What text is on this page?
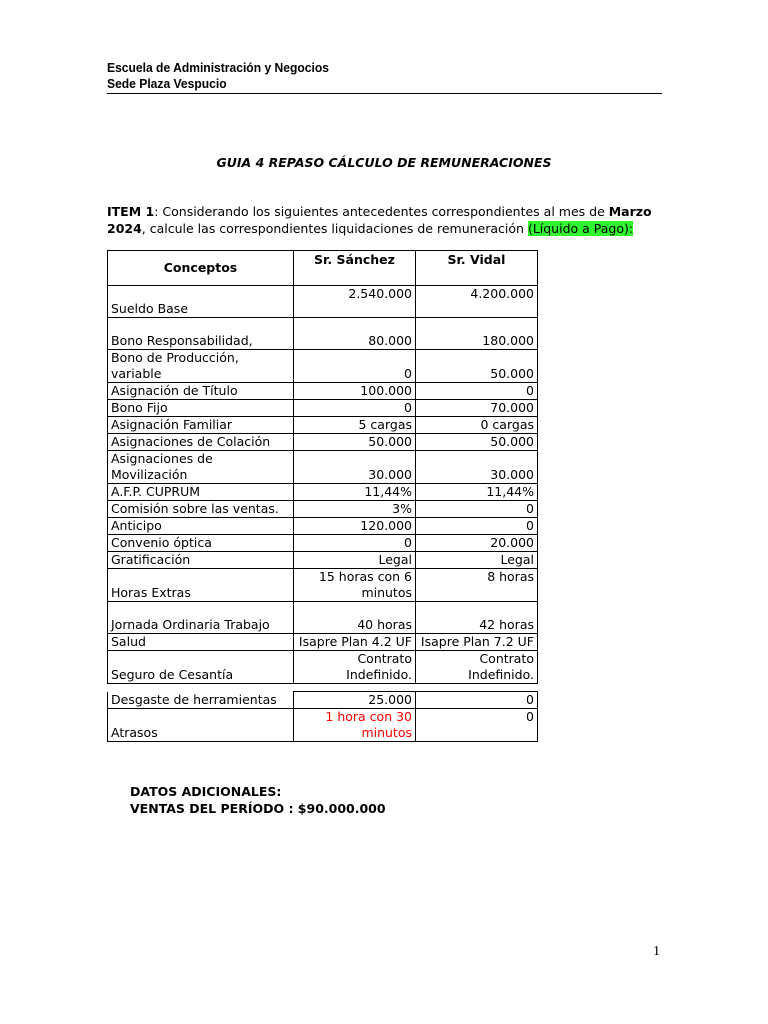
Escuela de Administración y Negocios
Sede Plaza Vespucio
GUIA 4 REPASO CÁLCULO DE REMUNERACIONES
ITEM 1: Considerando los siguientes antecedentes correspondientes al mes de Marzo 2024, calcule las correspondientes liquidaciones de remuneración (Líquido a Pago):
Conceptos	Sr. Sánchez	Sr. Vidal
Sueldo Base	2.540.000	4.200.000
Bono Responsabilidad,	80.000	180.000
Bono de Producción, variable	0	50.000
Asignación de Título	100.000	0
Bono Fijo	0	70.000
Asignación Familiar	5 cargas	0 cargas
Asignaciones de Colación	50.000	50.000
Asignaciones de Movilización	30.000	30.000
A.F.P. CUPRUM	11,44%	11,44%
Comisión sobre las ventas.	3%	0
Anticipo	120.000	0
Convenio óptica	0	20.000
Gratificación	Legal	Legal
Horas Extras	15 horas con 6 minutos	8 horas
Jornada Ordinaria Trabajo	40 horas	42 horas
Salud	Isapre Plan 4.2 UF	Isapre Plan 7.2 UF
Seguro de Cesantía	Contrato Indefinido.	Contrato Indefinido.

Desgaste de herramientas	25.000	0
Atrasos	1 hora con 30 minutos	0
DATOS ADICIONALES:
VENTAS DEL PERÍODO : $90.000.000
1
